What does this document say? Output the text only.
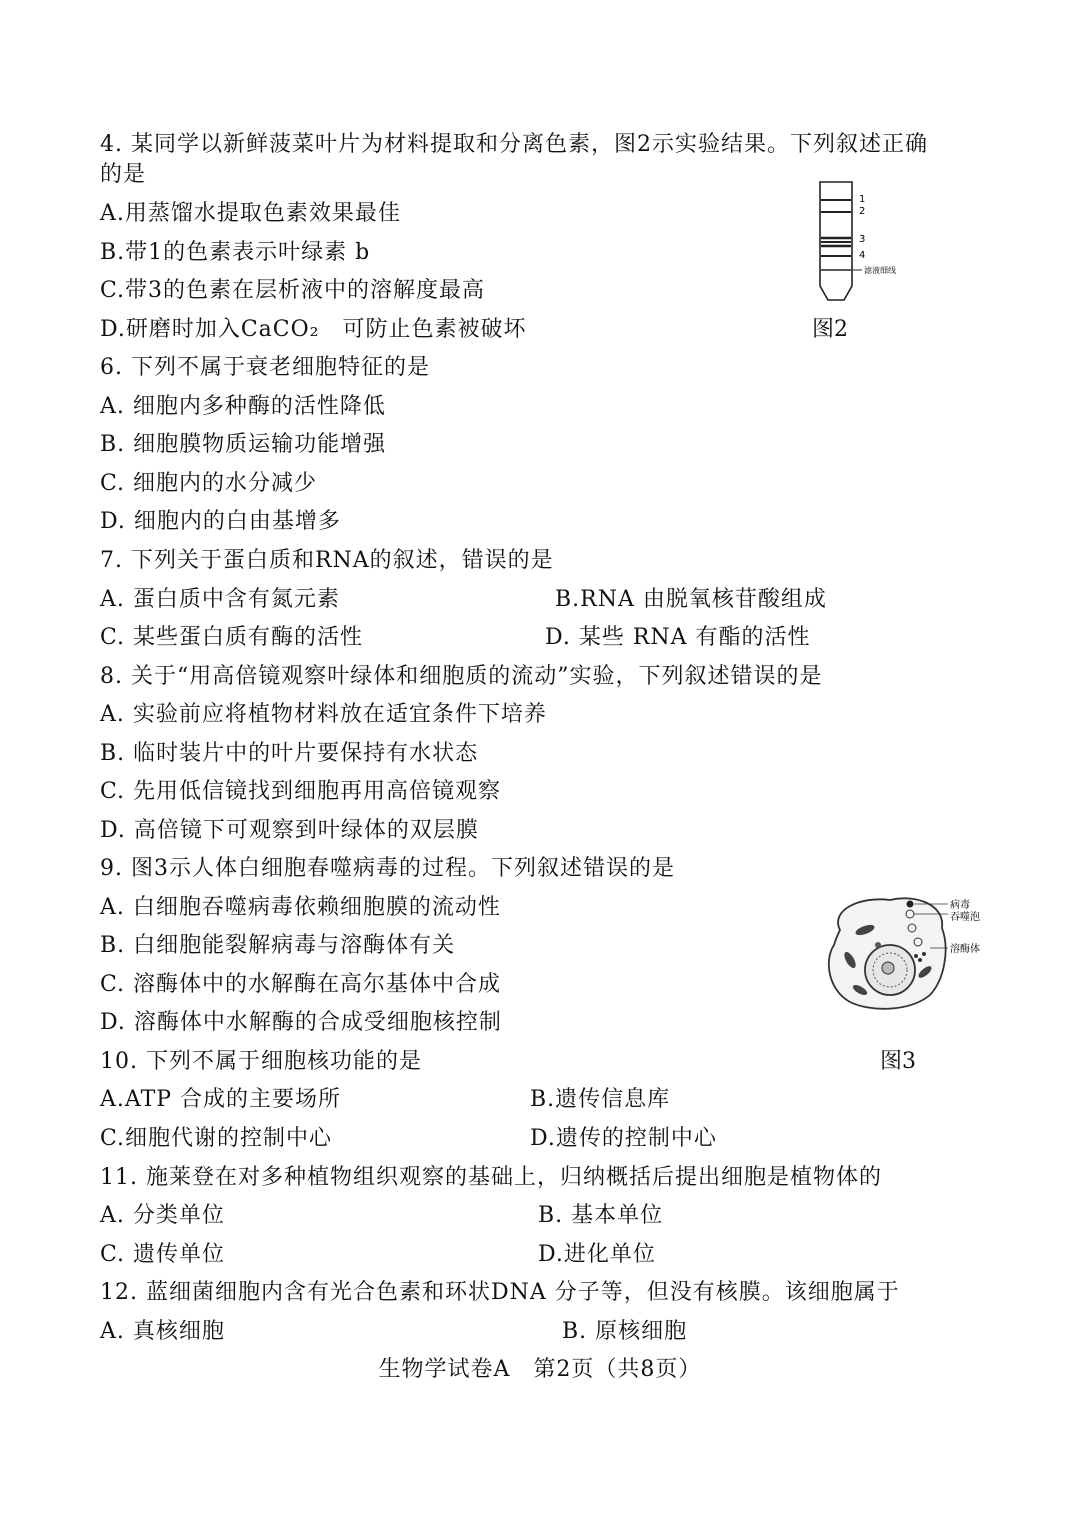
4. 某同学以新鲜菠菜叶片为材料提取和分离色素，图2示实验结果。下列叙述正确
的是
A.用蒸馏水提取色素效果最佳
B.带1的色素表示叶绿素 b
C.带3的色素在层析液中的溶解度最高
D.研磨时加入CaCO₂　可防止色素被破坏
1
2
3
4
滤液细线
图2
6. 下列不属于衰老细胞特征的是
A. 细胞内多种酶的活性降低
B. 细胞膜物质运输功能增强
C. 细胞内的水分减少
D. 细胞内的白由基增多
7. 下列关于蛋白质和RNA的叙述，错误的是
A. 蛋白质中含有氮元素	B.RNA 由脱氧核苷酸组成
C. 某些蛋白质有酶的活性	D. 某些 RNA 有酯的活性
8. 关于“用高倍镜观察叶绿体和细胞质的流动”实验，下列叙述错误的是
A. 实验前应将植物材料放在适宜条件下培养
B. 临时装片中的叶片要保持有水状态
C. 先用低信镜找到细胞再用高倍镜观察
D. 高倍镜下可观察到叶绿体的双层膜
9. 图3示人体白细胞春噬病毒的过程。下列叙述错误的是
A. 白细胞吞噬病毒依赖细胞膜的流动性
B. 白细胞能裂解病毒与溶酶体有关
C. 溶酶体中的水解酶在高尔基体中合成
D. 溶酶体中水解酶的合成受细胞核控制
病毒
吞噬泡
溶酶体
图3
10. 下列不属于细胞核功能的是
A.ATP 合成的主要场所	B.遗传信息库
C.细胞代谢的控制中心	D.遗传的控制中心
11. 施莱登在对多种植物组织观察的基础上，归纳概括后提出细胞是植物体的
A. 分类单位	B. 基本单位
C. 遗传单位	D.进化单位
12. 蓝细菌细胞内含有光合色素和环状DNA 分子等，但没有核膜。该细胞属于
A. 真核细胞	B. 原核细胞
生物学试卷A　第2页（共8页）
